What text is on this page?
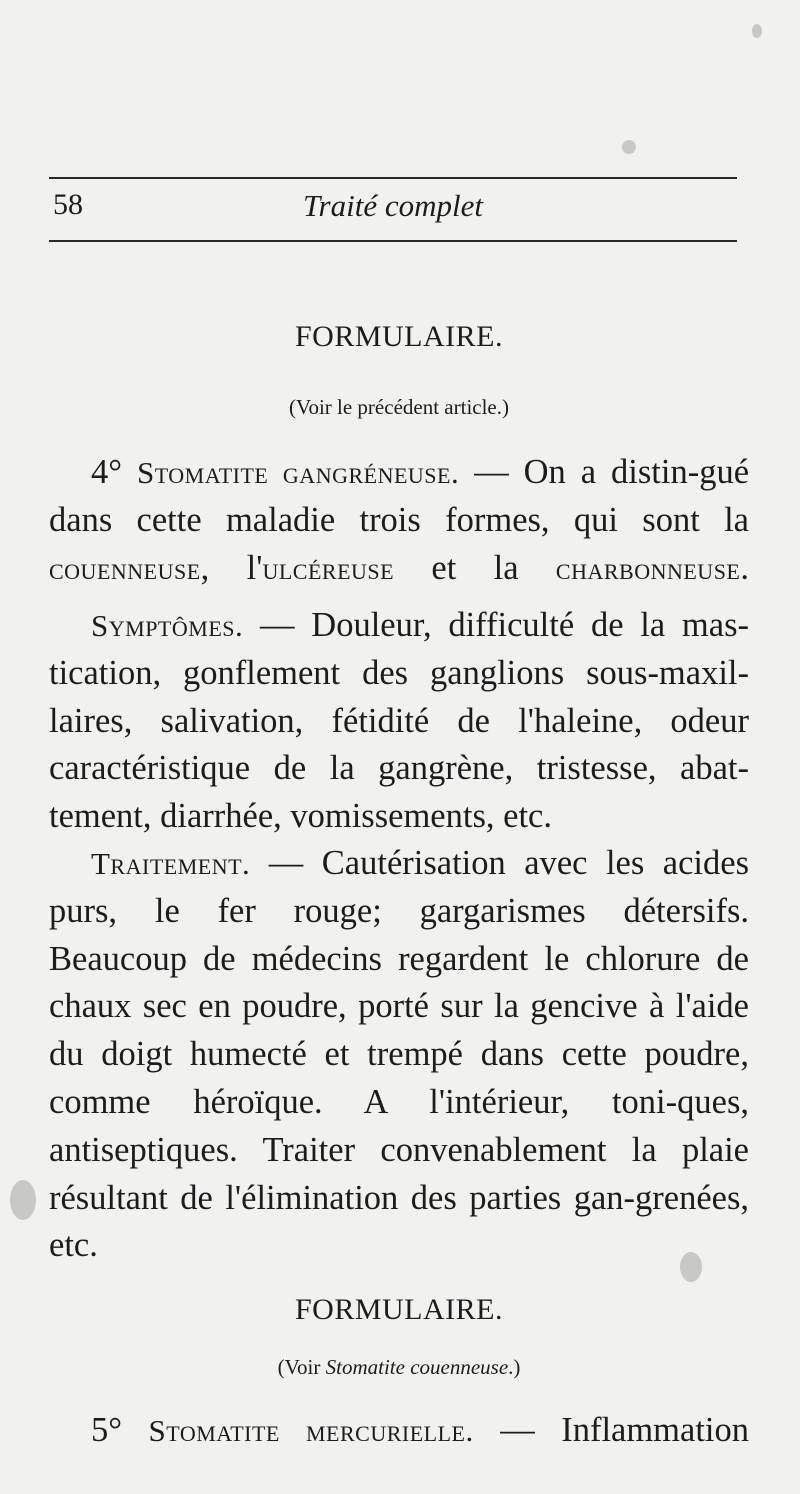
58	Traité complet
FORMULAIRE.
(Voir le précédent article.)

4° Stomatite gangréneuse. — On a distin-gué dans cette maladie trois formes, qui sont la couenneuse, l'ulcéreuse et la charbonneuse.

Symptômes. — Douleur, difficulté de la mas-tication, gonflement des ganglions sous-maxil-laires, salivation, fétidité de l'haleine, odeur caractéristique de la gangrène, tristesse, abat-tement, diarrhée, vomissements, etc.

Traitement. — Cautérisation avec les acides purs, le fer rouge; gargarismes détersifs. Beaucoup de médecins regardent le chlorure de chaux sec en poudre, porté sur la gencive à l'aide du doigt humecté et trempé dans cette poudre, comme héroïque. A l'intérieur, toni-ques, antiseptiques. Traiter convenablement la plaie résultant de l'élimination des parties gan-grenées, etc.

FORMULAIRE.
(Voir Stomatite couenneuse.)

5° Stomatite mercurielle. — Inflammation
